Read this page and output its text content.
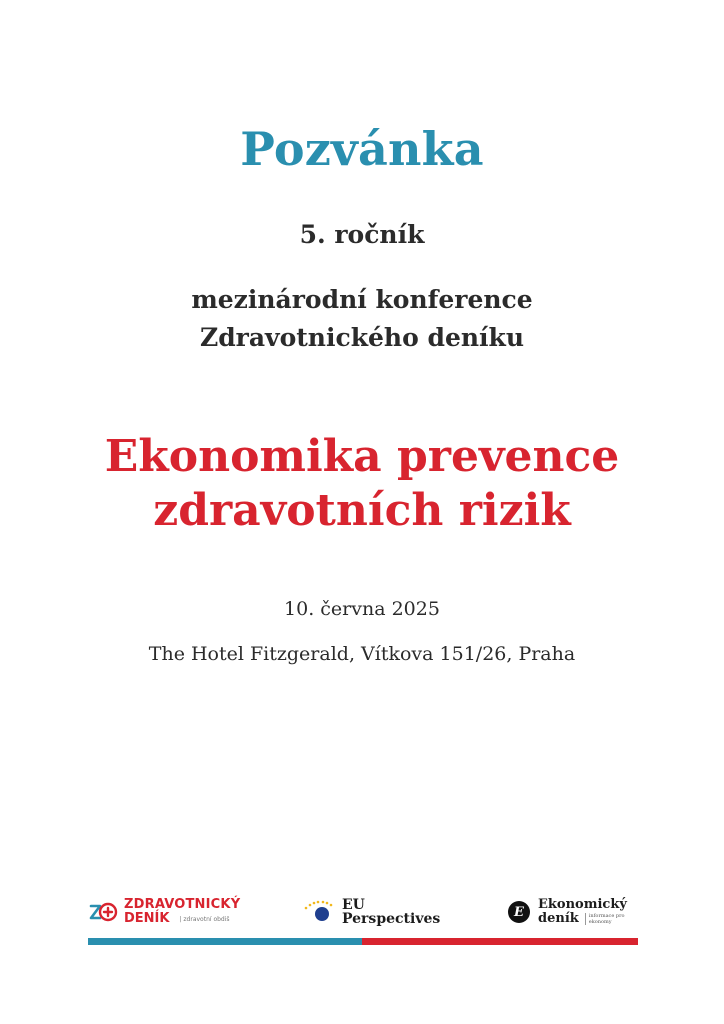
Pozvánka
5. ročník
mezinárodní konference
Zdravotnického deníku
Ekonomika prevence
zdravotních rizik
10. června 2025
The Hotel Fitzgerald, Vítkova 151/26, Praha
ZDRAVOTNICKÝ
DENÍK | zdravotní obdiš
EU
Perspectives	E	Ekonomický
deník	informace pro ekonomy
